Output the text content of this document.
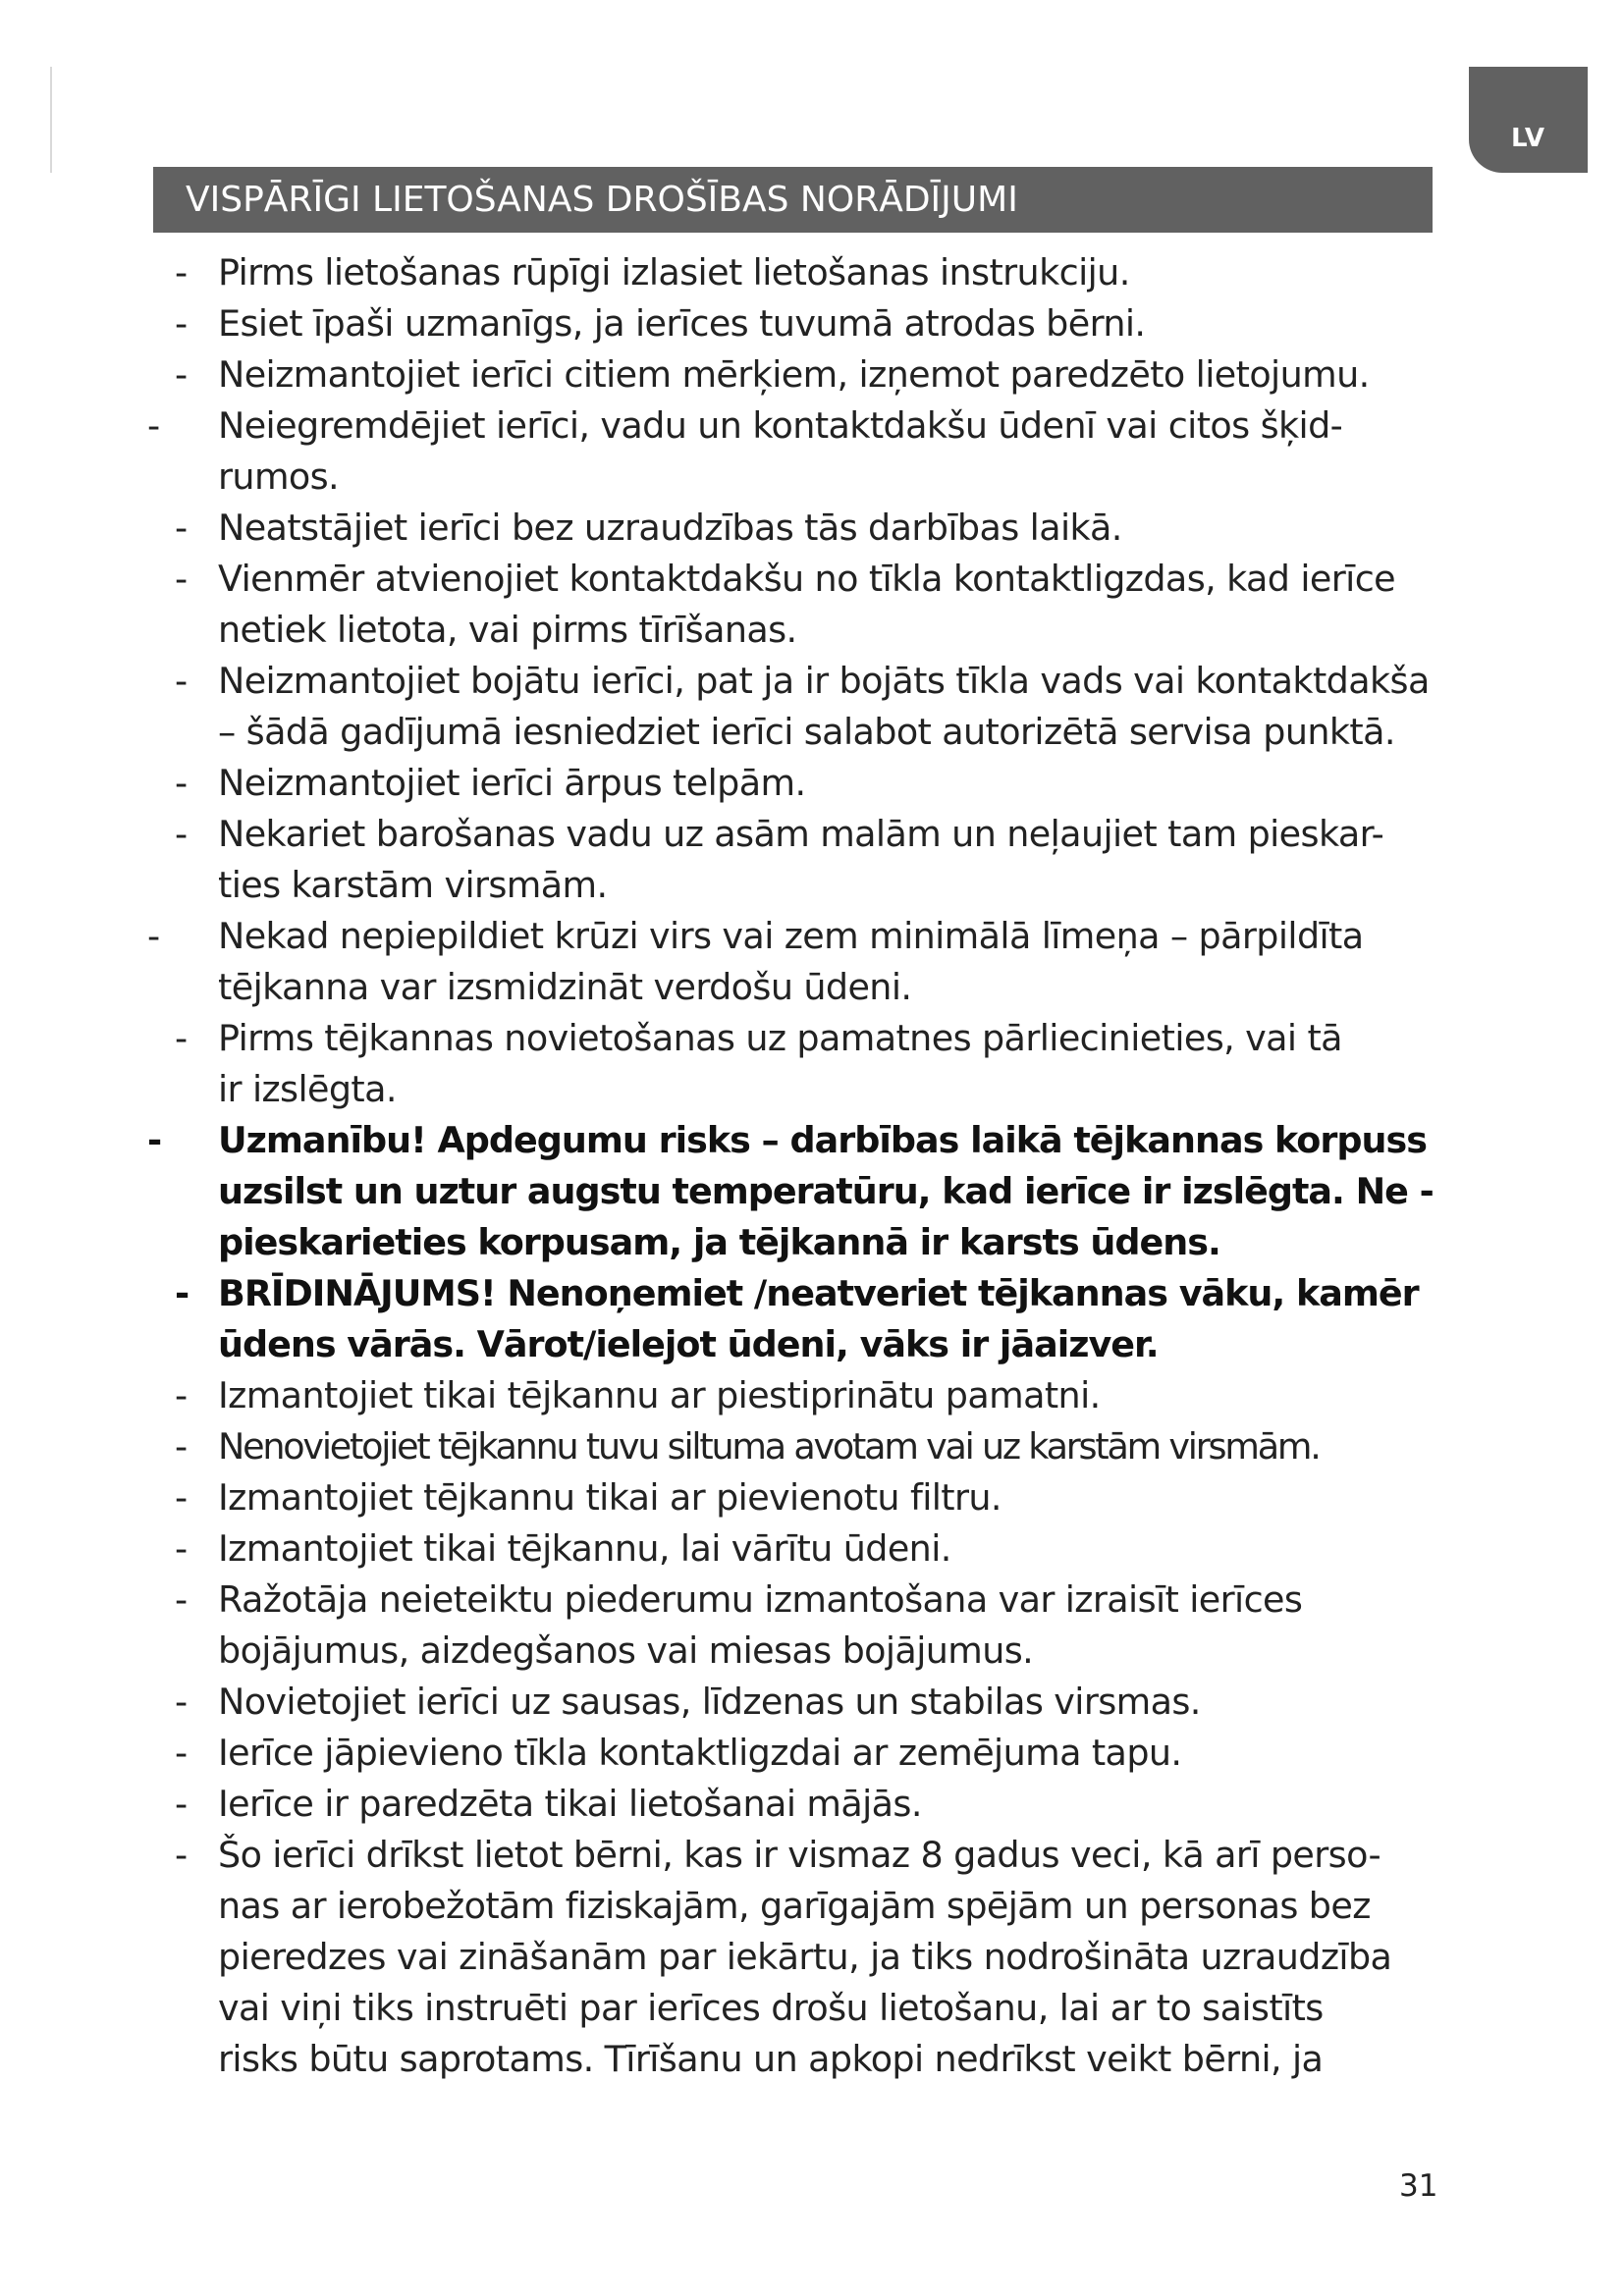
LV
VISPĀRĪGI LIETOŠANAS DROŠĪBAS NORĀDĪJUMI
- Pirms lietošanas rūpīgi izlasiet lietošanas instrukciju.
- Esiet īpaši uzmanīgs, ja ierīces tuvumā atrodas bērni.
- Neizmantojiet ierīci citiem mērķiem, izņemot paredzēto lietojumu.
-	Neiegremdējiet ierīci, vadu un kontaktdakšu ūdenī vai citos šķid-
rumos.
- Neatstājiet ierīci bez uzraudzības tās darbības laikā.
- Vienmēr atvienojiet kontaktdakšu no tīkla kontaktligzdas, kad ierīce
netiek lietota, vai pirms tīrīšanas.
- Neizmantojiet bojātu ierīci, pat ja ir bojāts tīkla vads vai kontaktdakša
– šādā gadījumā iesniedziet ierīci salabot autorizētā servisa punktā.
- Neizmantojiet ierīci ārpus telpām.
- Nekariet barošanas vadu uz asām malām un neļaujiet tam pieskar-
ties karstām virsmām.
-	Nekad nepiepildiet krūzi virs vai zem minimālā līmeņa – pārpildīta
tējkanna var izsmidzināt verdošu ūdeni.
- Pirms tējkannas novietošanas uz pamatnes pārliecinieties, vai tā
ir izslēgta.
-	Uzmanību! Apdegumu risks – darbības laikā tējkannas korpuss
uzsilst un uztur augstu temperatūru, kad ierīce ir izslēgta. Ne -
pieskarieties korpusam, ja tējkannā ir karsts ūdens.
- BRĪDINĀJUMS! Nenoņemiet /neatveriet tējkannas vāku, kamēr
ūdens vārās. Vārot/ielejot ūdeni, vāks ir jāaizver.
- Izmantojiet tikai tējkannu ar piestiprinātu pamatni.
- Nenovietojiet tējkannu tuvu siltuma avotam vai uz karstām virsmām.
- Izmantojiet tējkannu tikai ar pievienotu filtru.
- Izmantojiet tikai tējkannu, lai vārītu ūdeni.
- Ražotāja neieteiktu piederumu izmantošana var izraisīt ierīces
bojājumus, aizdegšanos vai miesas bojājumus.
- Novietojiet ierīci uz sausas, līdzenas un stabilas virsmas.
- Ierīce jāpievieno tīkla kontaktligzdai ar zemējuma tapu.
- Ierīce ir paredzēta tikai lietošanai mājās.
- Šo ierīci drīkst lietot bērni, kas ir vismaz 8 gadus veci, kā arī perso-
nas ar ierobežotām fiziskajām, garīgajām spējām un personas bez
pieredzes vai zināšanām par iekārtu, ja tiks nodrošināta uzraudzība
vai viņi tiks instruēti par ierīces drošu lietošanu, lai ar to saistīts
risks būtu saprotams. Tīrīšanu un apkopi nedrīkst veikt bērni, ja
31
